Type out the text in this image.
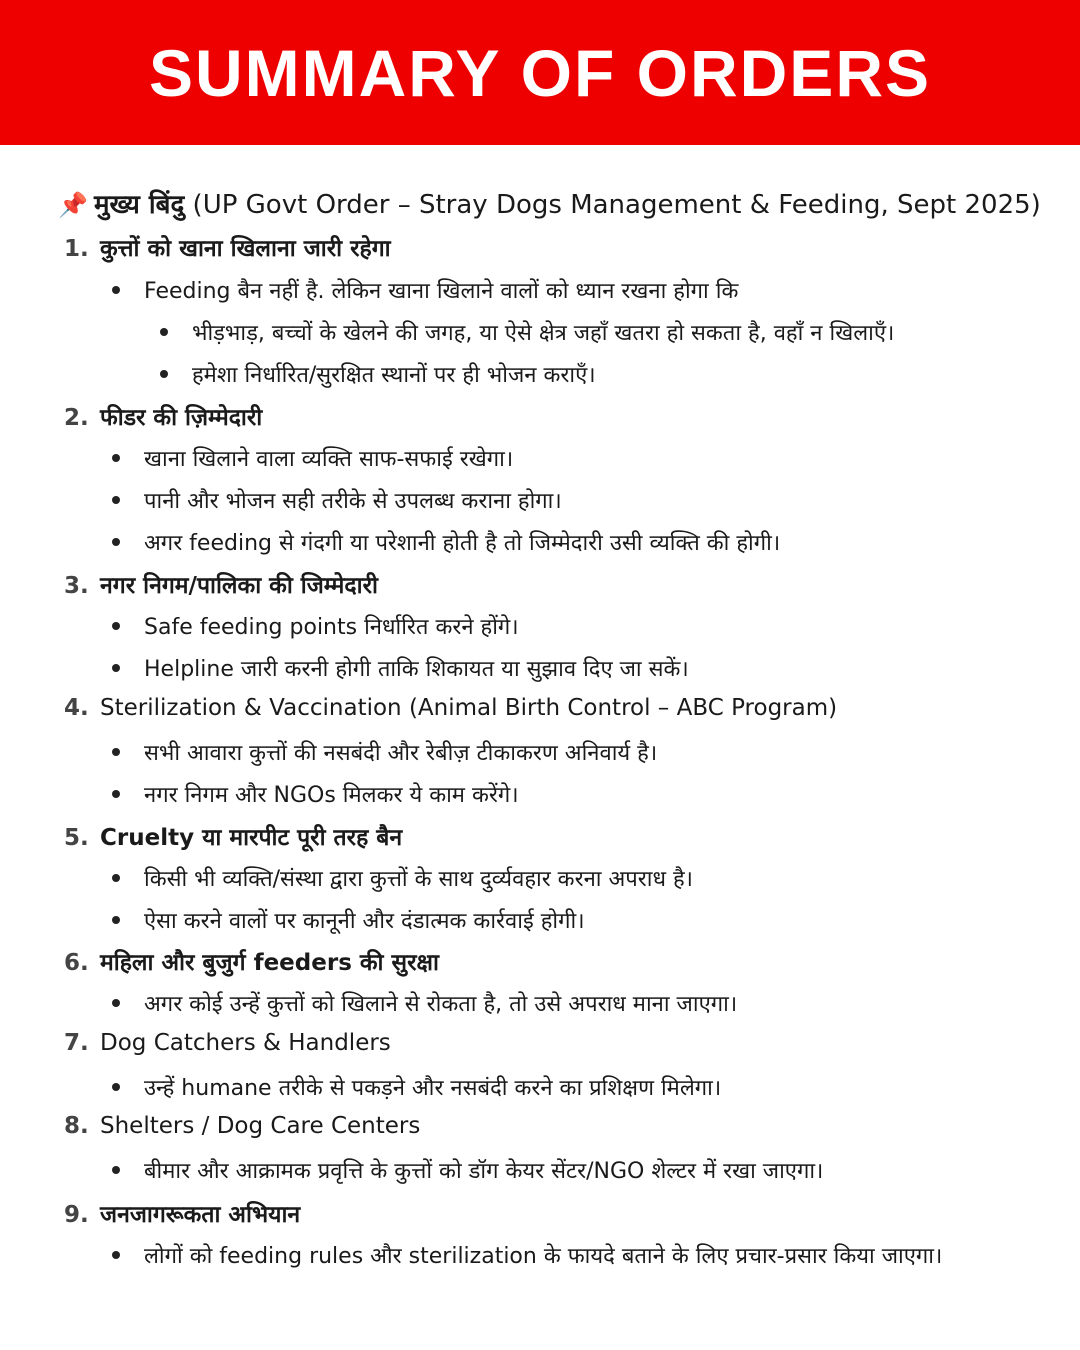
SUMMARY OF ORDERS
📌 मुख्य बिंदु (UP Govt Order – Stray Dogs Management & Feeding, Sept 2025)
1. कुत्तों को खाना खिलाना जारी रहेगा
Feeding बैन नहीं है. लेकिन खाना खिलाने वालों को ध्यान रखना होगा कि
भीड़भाड़, बच्चों के खेलने की जगह, या ऐसे क्षेत्र जहाँ खतरा हो सकता है, वहाँ न खिलाएँ।
हमेशा निर्धारित/सुरक्षित स्थानों पर ही भोजन कराएँ।
2. फीडर की ज़िम्मेदारी
खाना खिलाने वाला व्यक्ति साफ-सफाई रखेगा।
पानी और भोजन सही तरीके से उपलब्ध कराना होगा।
अगर feeding से गंदगी या परेशानी होती है तो जिम्मेदारी उसी व्यक्ति की होगी।
3. नगर निगम/पालिका की जिम्मेदारी
Safe feeding points निर्धारित करने होंगे।
Helpline जारी करनी होगी ताकि शिकायत या सुझाव दिए जा सकें।
4. Sterilization & Vaccination (Animal Birth Control – ABC Program)
सभी आवारा कुत्तों की नसबंदी और रेबीज़ टीकाकरण अनिवार्य है।
नगर निगम और NGOs मिलकर ये काम करेंगे।
5. Cruelty या मारपीट पूरी तरह बैन
किसी भी व्यक्ति/संस्था द्वारा कुत्तों के साथ दुर्व्यवहार करना अपराध है।
ऐसा करने वालों पर कानूनी और दंडात्मक कार्रवाई होगी।
6. महिला और बुजुर्ग feeders की सुरक्षा
अगर कोई उन्हें कुत्तों को खिलाने से रोकता है, तो उसे अपराध माना जाएगा।
7. Dog Catchers & Handlers
उन्हें humane तरीके से पकड़ने और नसबंदी करने का प्रशिक्षण मिलेगा।
8. Shelters / Dog Care Centers
बीमार और आक्रामक प्रवृत्ति के कुत्तों को डॉग केयर सेंटर/NGO शेल्टर में रखा जाएगा।
9. जनजागरूकता अभियान
लोगों को feeding rules और sterilization के फायदे बताने के लिए प्रचार-प्रसार किया जाएगा।
